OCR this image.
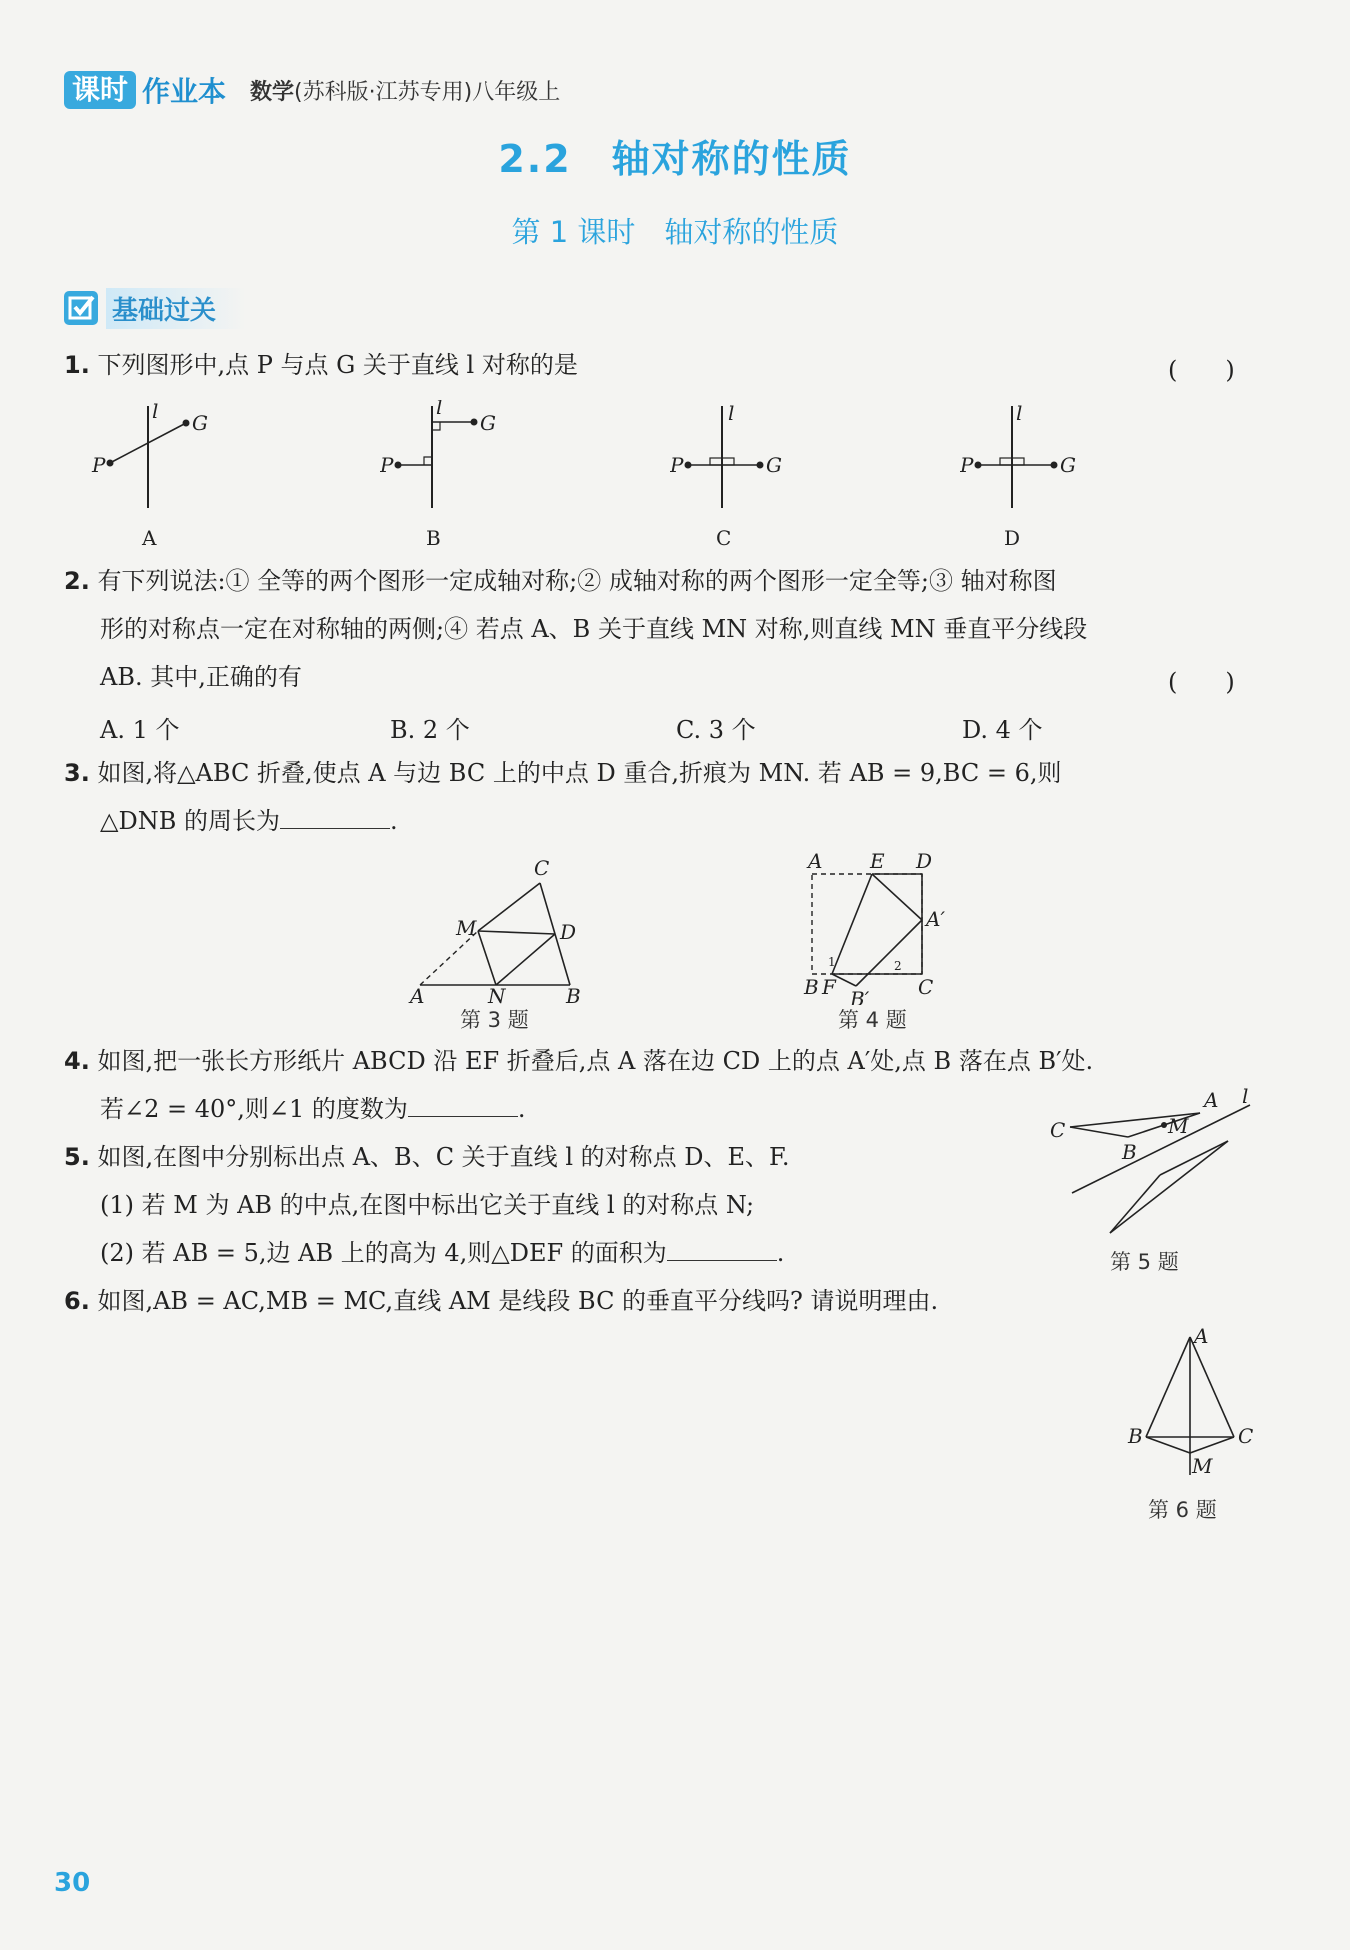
课时 作业本 数学(苏科版·江苏专用)八年级上
2.2　轴对称的性质
第 1 课时　轴对称的性质
基础过关
1. 下列图形中,点 P 与点 G 关于直线 l 对称的是	(　　)
l
P
G
A
l
P
G
B
l
P	G
C
l
P	G
D
2. 有下列说法:① 全等的两个图形一定成轴对称;② 成轴对称的两个图形一定全等;③ 轴对称图
形的对称点一定在对称轴的两侧;④ 若点 A、B 关于直线 MN 对称,则直线 MN 垂直平分线段
AB. 其中,正确的有	(　　)
A. 1 个	B. 2 个	C. 3 个	D. 4 个
3. 如图,将△ABC 折叠,使点 A 与边 BC 上的中点 D 重合,折痕为 MN. 若 AB = 9,BC = 6,则
△DNB 的周长为	.
C
M	D
A	N	B
第 3 题
A E D
A′
B F	C
B′
1	2
第 4 题
4. 如图,把一张长方形纸片 ABCD 沿 EF 折叠后,点 A 落在边 CD 上的点 A′处,点 B 落在点 B′处.
若∠2 = 40°,则∠1 的度数为	.
5. 如图,在图中分别标出点 A、B、C 关于直线 l 的对称点 D、E、F.
(1) 若 M 为 AB 的中点,在图中标出它关于直线 l 的对称点 N;
(2) 若 AB = 5,边 AB 上的高为 4,则△DEF 的面积为	.
A l
M
C
B
第 5 题
6. 如图,AB = AC,MB = MC,直线 AM 是线段 BC 的垂直平分线吗? 请说明理由.
A
B	C
M
第 6 题
30
